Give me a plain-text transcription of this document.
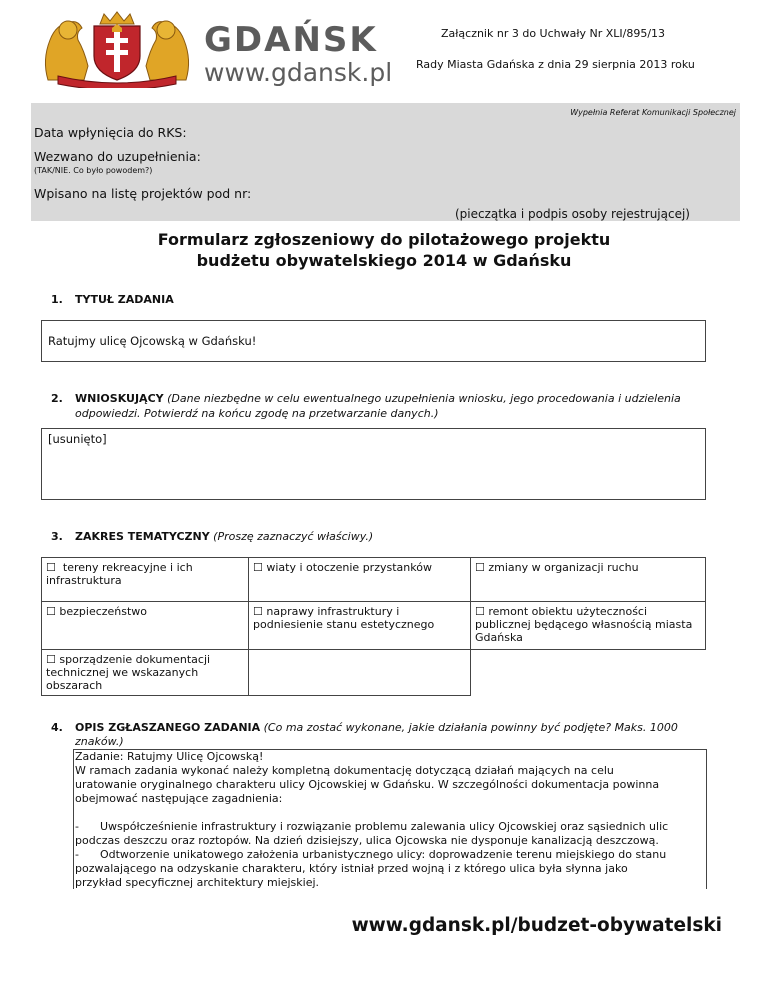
GDAŃSK
www.gdansk.pl
Załącznik nr 3 do Uchwały Nr XLI/895/13
Rady Miasta Gdańska z dnia 29 sierpnia 2013 roku
Wypełnia Referat Komunikacji Społecznej
Data wpłynięcia do RKS:
Wezwano do uzupełnienia:
(TAK/NIE. Co było powodem?)
Wpisano na listę projektów pod nr:
(pieczątka i podpis osoby rejestrującej)
Formularz zgłoszeniowy do pilotażowego projektu
budżetu obywatelskiego 2014 w Gdańsku
1. TYTUŁ ZADANIA
Ratujmy ulicę Ojcowską w Gdańsku!
2. WNIOSKUJĄCY (Dane niezbędne w celu ewentualnego uzupełnienia wniosku, jego procedowania i udzielenia
odpowiedzi. Potwierdź na końcu zgodę na przetwarzanie danych.)
[usunięto]
3. ZAKRES TEMATYCZNY (Proszę zaznaczyć właściwy.)
☐ tereny rekreacyjne i ich infrastruktura	☐ wiaty i otoczenie przystanków	☐ zmiany w organizacji ruchu
☐ bezpieczeństwo	☐ naprawy infrastruktury i podniesienie stanu estetycznego	☐ remont obiektu użyteczności publicznej będącego własnością miasta Gdańska
☐ sporządzenie dokumentacji technicznej we wskazanych obszarach		
4. OPIS ZGŁASZANEGO ZADANIA (Co ma zostać wykonane, jakie działania powinny być podjęte? Maks. 1000
znaków.)
Zadanie: Ratujmy Ulicę Ojcowską!
W ramach zadania wykonać należy kompletną dokumentację dotyczącą działań mających na celu
uratowanie oryginalnego charakteru ulicy Ojcowskiej w Gdańsku. W szczególności dokumentacja powinna
obejmować następujące zagadnienia:
-      Uwspółcześnienie infrastruktury i rozwiązanie problemu zalewania ulicy Ojcowskiej oraz sąsiednich ulic
podczas deszczu oraz roztopów. Na dzień dzisiejszy, ulica Ojcowska nie dysponuje kanalizacją deszczową.
-      Odtworzenie unikatowego założenia urbanistycznego ulicy: doprowadzenie terenu miejskiego do stanu
pozwalającego na odzyskanie charakteru, który istniał przed wojną i z którego ulica była słynna jako
przykład specyficznej architektury miejskiej.
www.gdansk.pl/budzet-obywatelski
